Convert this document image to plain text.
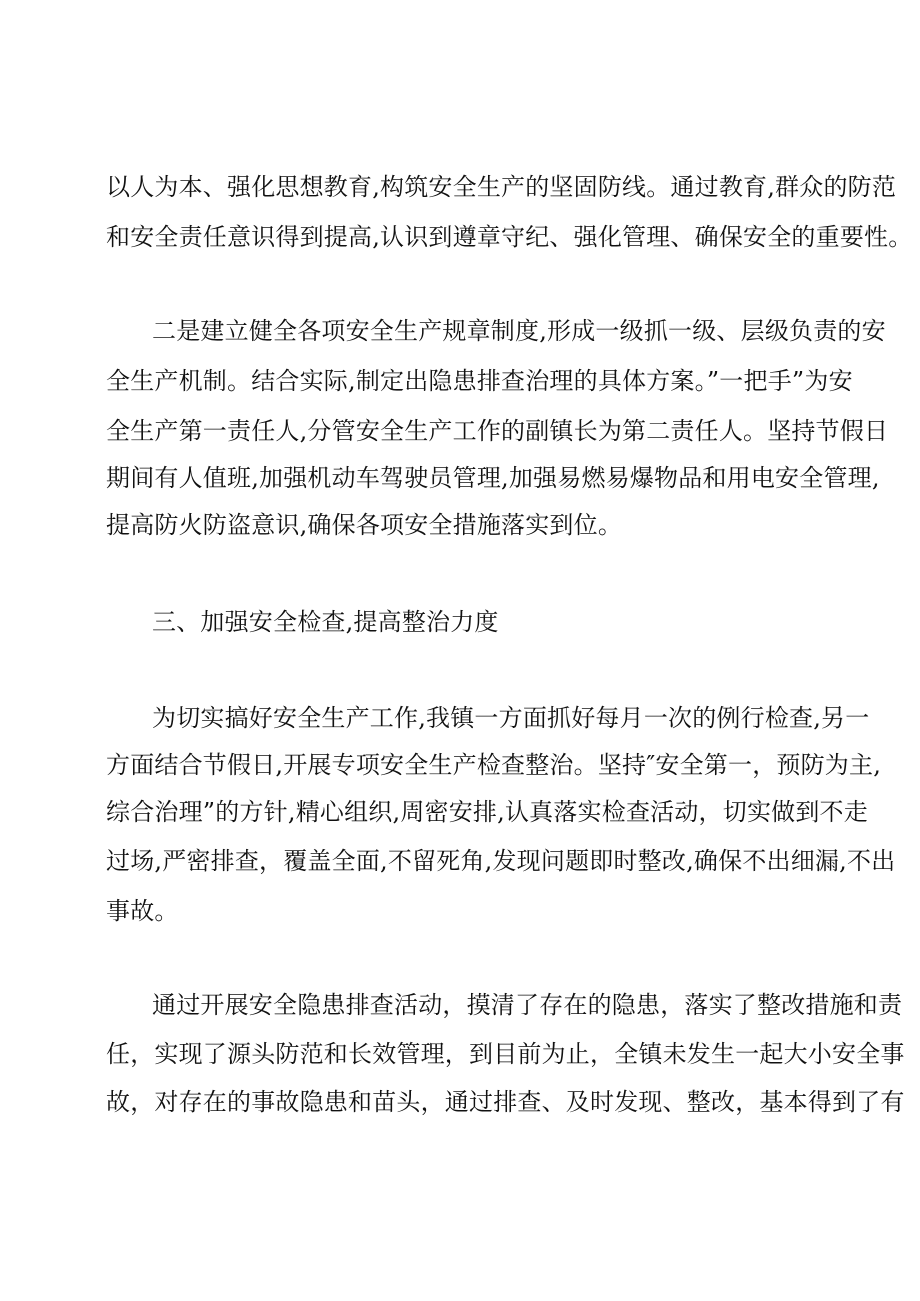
以人为本、强化思想教育,构筑安全生产的坚固防线。通过教育,群众的防范
和安全责任意识得到提高,认识到遵章守纪、强化管理、确保安全的重要性。
二是建立健全各项安全生产规章制度,形成一级抓一级、层级负责的安
全生产机制。结合实际,制定出隐患排查治理的具体方案。”一把手”为安
全生产第一责任人,分管安全生产工作的副镇长为第二责任人。坚持节假日
期间有人值班,加强机动车驾驶员管理,加强易燃易爆物品和用电安全管理,
提高防火防盗意识,确保各项安全措施落实到位。
三、加强安全检查,提高整治力度
为切实搞好安全生产工作,我镇一方面抓好每月一次的例行检查,另一
方面结合节假日,开展专项安全生产检查整治。坚持″安全第一，预防为主,
综合治理”的方针,精心组织,周密安排,认真落实检查活动，切实做到不走
过场,严密排查，覆盖全面,不留死角,发现问题即时整改,确保不出细漏,不出
事故。
通过开展安全隐患排查活动，摸清了存在的隐患，落实了整改措施和责
任，实现了源头防范和长效管理，到目前为止，全镇未发生一起大小安全事
故，对存在的事故隐患和苗头，通过排查、及时发现、整改，基本得到了有
